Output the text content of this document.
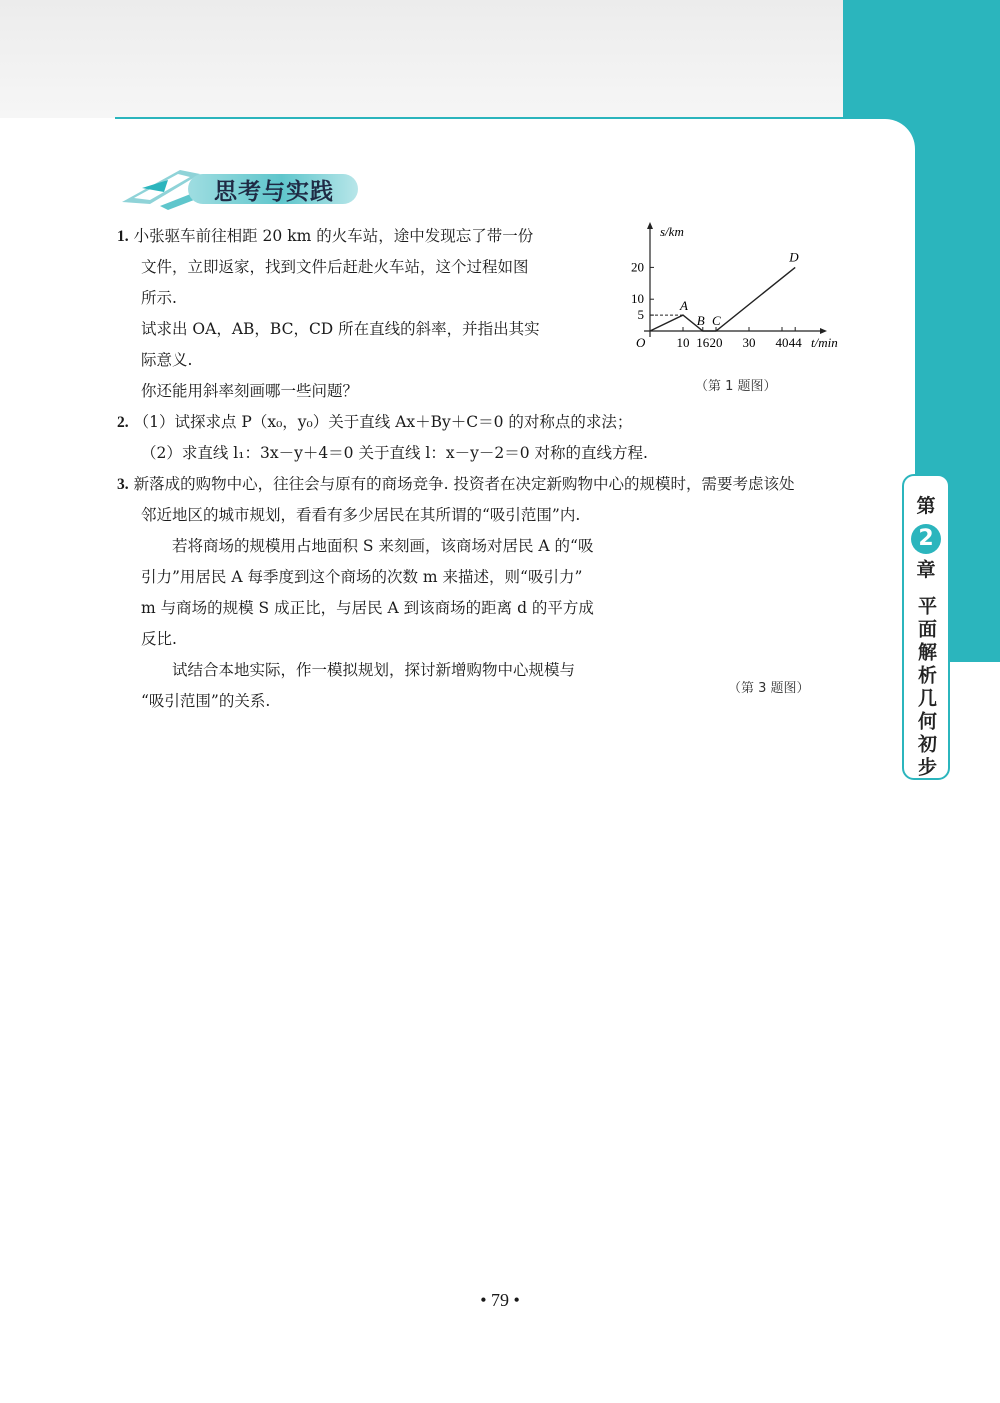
第
2
章
平面解析几何初步
思考与实践
1. 小张驱车前往相距 20 km 的火车站，途中发现忘了带一份
文件，立即返家，找到文件后赶赴火车站，这个过程如图
所示.
试求出 OA，AB，BC，CD 所在直线的斜率，并指出其实
际意义.
你还能用斜率刻画哪一些问题？
s/km
t/min
O 10 16 20 30 40 44
5
10
20
A
B C
D
（第 1 题图）
2. （1）试探求点 P（x₀，y₀）关于直线 Ax＋By＋C＝0 的对称点的求法；
（2）求直线 l₁：3x－y＋4＝0 关于直线 l：x－y－2＝0 对称的直线方程.
3. 新落成的购物中心，往往会与原有的商场竞争. 投资者在决定新购物中心的规模时，需要考虑该处
邻近地区的城市规划，看看有多少居民在其所谓的“吸引范围”内.
若将商场的规模用占地面积 S 来刻画，该商场对居民 A 的“吸
引力”用居民 A 每季度到这个商场的次数 m 来描述，则“吸引力”
m 与商场的规模 S 成正比，与居民 A 到该商场的距离 d 的平方成
反比.
试结合本地实际，作一模拟规划，探讨新增购物中心规模与
“吸引范围”的关系.
（第 3 题图）
• 79 •
